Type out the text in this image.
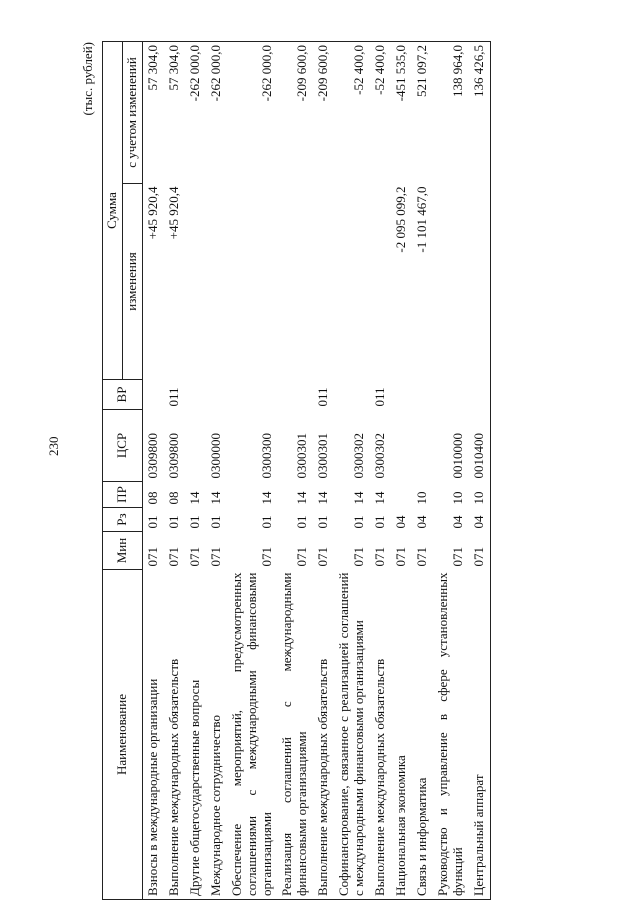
230
(тыс. рублей)
Наименование	Мин	Рз	ПР	ЦСР	ВР	Сумма	
						изменения	с учетом изменений
Взносы в международные организации	071	01	08	0309800		+45 920,4	57 304,0
Выполнение международных обязательств	071	01	08	0309800	011	+45 920,4	57 304,0
Другие общегосударственные вопросы	071	01	14				-262 000,0
Международное сотрудничество	071	01	14	0300000			-262 000,0
Обеспечение мероприятий, предусмотренных соглашениями с международными финансовыми организациями	071	01	14	0300300			-262 000,0
Реализация соглашений с международными финансовыми организациями	071	01	14	0300301			-209 600,0
Выполнение международных обязательств	071	01	14	0300301	011		-209 600,0
Софинансирование, связанное с реализацией соглашений с международными финансовыми организациями	071	01	14	0300302			-52 400,0
Выполнение международных обязательств	071	01	14	0300302	011		-52 400,0
Национальная экономика	071	04				-2 095 099,2	-451 535,0
Связь и информатика	071	04	10			-1 101 467,0	521 097,2
Руководство и управление в сфере установленных функций	071	04	10	0010000			138 964,0
Центральный аппарат	071	04	10	0010400			136 426,5
